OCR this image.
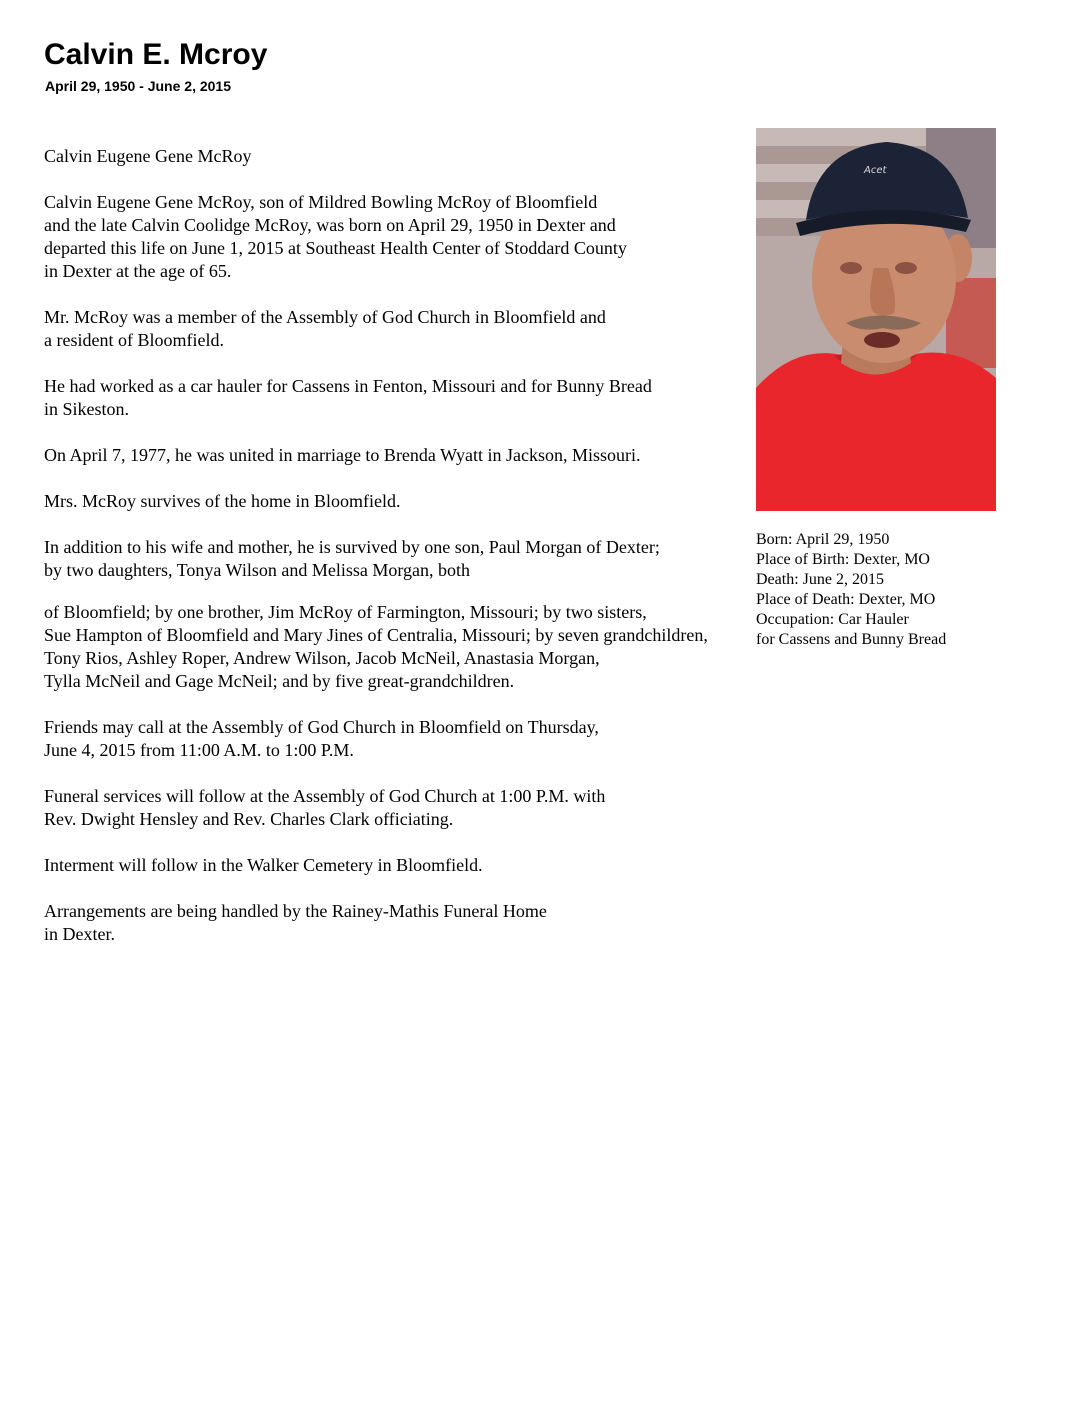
Calvin E. Mcroy
April 29, 1950 - June 2, 2015

Calvin Eugene Gene McRoy

Calvin Eugene Gene McRoy, son of Mildred Bowling McRoy of Bloomfield
and the late Calvin Coolidge McRoy, was born on April 29, 1950 in Dexter and
departed this life on June 1, 2015 at Southeast Health Center of Stoddard County
in Dexter at the age of 65.

Mr. McRoy was a member of the Assembly of God Church in Bloomfield and
a resident of Bloomfield.

He had worked as a car hauler for Cassens in Fenton, Missouri and for Bunny Bread
in Sikeston.

On April 7, 1977, he was united in marriage to Brenda Wyatt in Jackson, Missouri.

Mrs. McRoy survives of the home in Bloomfield.

In addition to his wife and mother, he is survived by one son, Paul Morgan of Dexter;
by two daughters, Tonya Wilson and Melissa Morgan, both

of Bloomfield; by one brother, Jim McRoy of Farmington, Missouri; by two sisters,
Sue Hampton of Bloomfield and Mary Jines of Centralia, Missouri; by seven grandchildren,
Tony Rios, Ashley Roper, Andrew Wilson, Jacob McNeil, Anastasia Morgan,
Tylla McNeil and Gage McNeil; and by five great-grandchildren.

Friends may call at the Assembly of God Church in Bloomfield on Thursday,
June 4, 2015 from 11:00 A.M. to 1:00 P.M.

Funeral services will follow at the Assembly of God Church at 1:00 P.M. with
Rev. Dwight Hensley and Rev. Charles Clark officiating.

Interment will follow in the Walker Cemetery in Bloomfield.

Arrangements are being handled by the Rainey-Mathis Funeral Home
in Dexter.

Acet
Born: April 29, 1950
Place of Birth: Dexter, MO
Death: June 2, 2015
Place of Death: Dexter, MO
Occupation: Car Hauler
for Cassens and Bunny Bread
